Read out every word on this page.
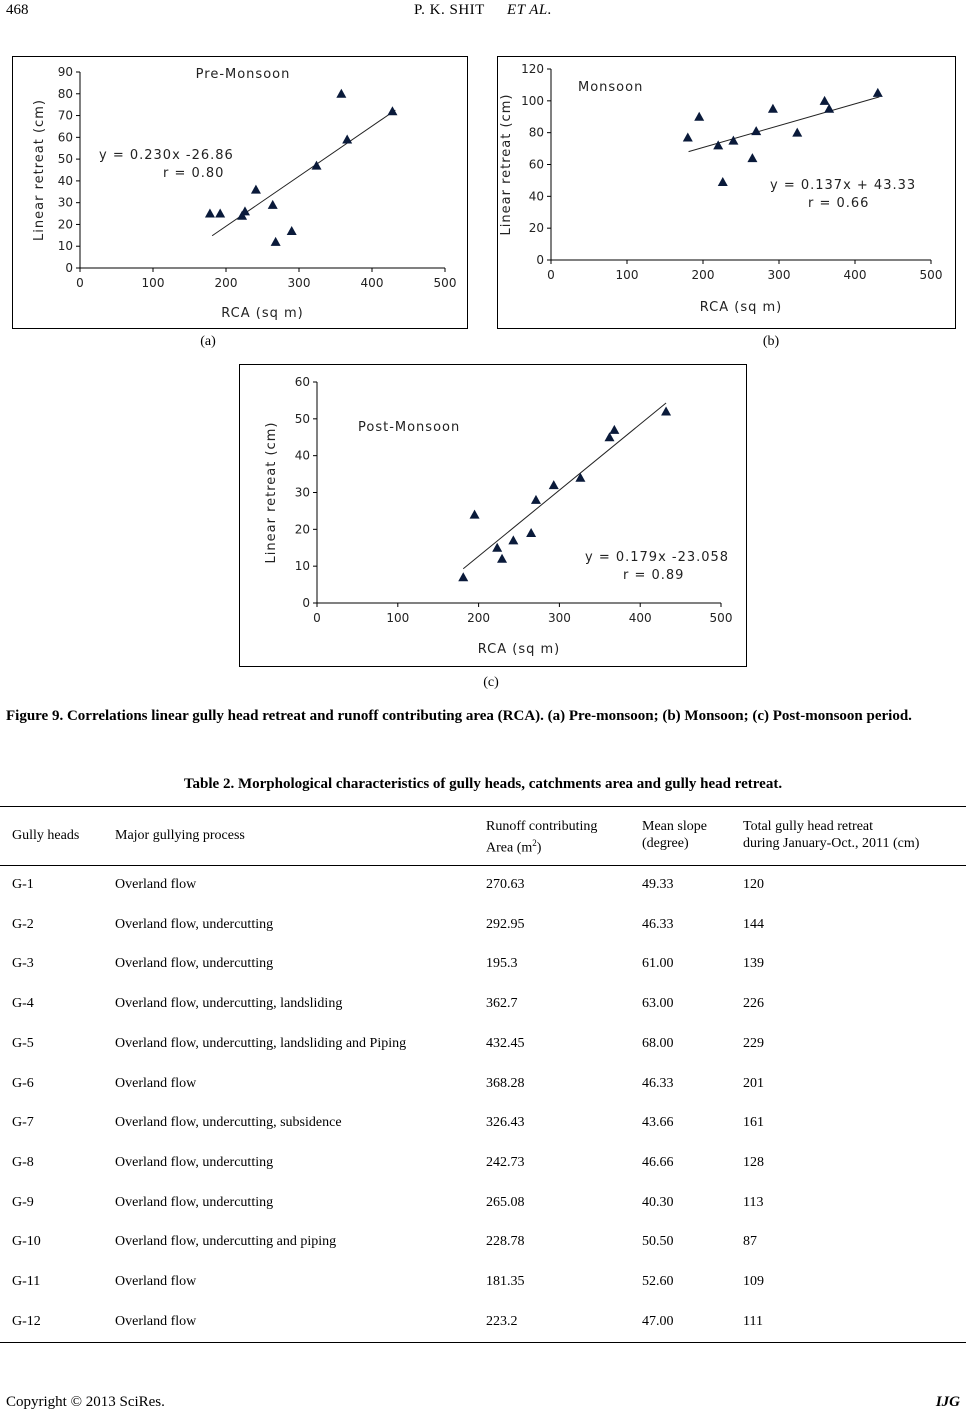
468	P. K. SHIT ET AL.
0
10
20
30
40
50
60
70
80
90
0	100	200	300	400	500
RCA (sq m)
Linear retreat (cm)
Pre-Monsoon
y = 0.230x -26.86
r = 0.80
(a)
0
20
40
60
80
100
120
0	100	200	300	400	500
RCA (sq m)
Linear retreat (cm)
Monsoon
y = 0.137x + 43.33
r = 0.66
(b)
0
10
20
30
40
50
60
0	100	200	300	400	500
RCA (sq m)
Linear retreat (cm)	Post-Monsoon
y = 0.179x -23.058
r = 0.89
(c)
Figure 9. Correlations linear gully head retreat and runoff contributing area (RCA). (a) Pre-monsoon; (b) Monsoon; (c) Post-monsoon period.
Table 2. Morphological characteristics of gully heads, catchments area and gully head retreat.
Gully heads	Major gullying process
Runoff contributing
Area $(m^2)$
Mean slope
(degree)
Total gully head retreat
during January-Oct., 2011 (cm)
G-1	Overland flow	270.63	49.33	120
G-2	Overland flow, undercutting	292.95	46.33	144
G-3	Overland flow, undercutting	195.3	61.00	139
G-4	Overland flow, undercutting, landsliding	362.7	63.00	226
G-5	Overland flow, undercutting, landsliding and Piping	432.45	68.00	229
G-6	Overland flow	368.28	46.33	201
G-7	Overland flow, undercutting, subsidence	326.43	43.66	161
G-8	Overland flow, undercutting	242.73	46.66	128
G-9	Overland flow, undercutting	265.08	40.30	113
G-10	Overland flow, undercutting and piping	228.78	50.50	87
G-11	Overland flow	181.35	52.60	109
G-12	Overland flow	223.2	47.00	111
Copyright © 2013 SciRes.	IJG
